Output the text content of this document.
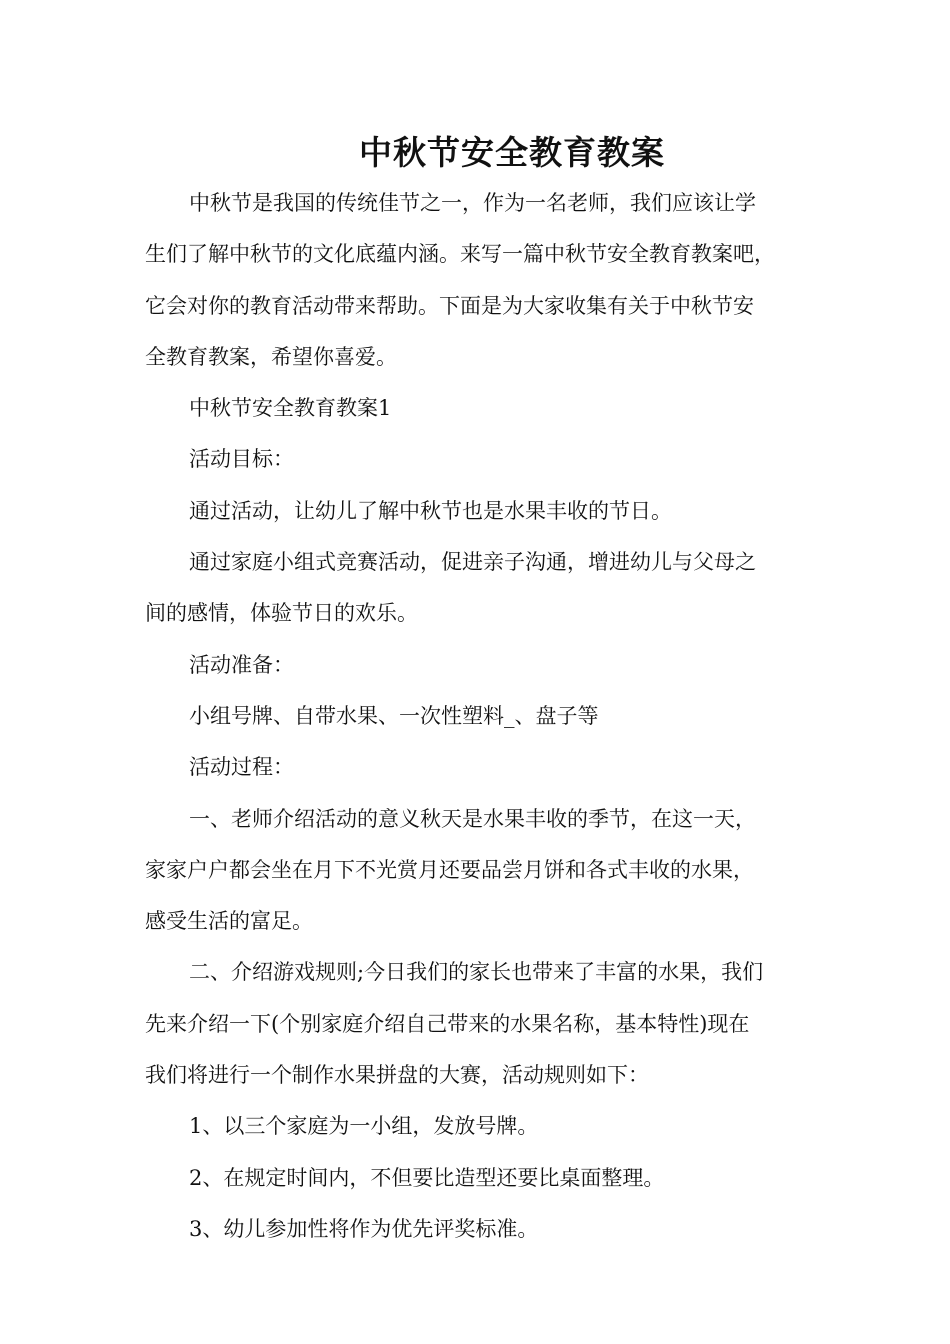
中秋节安全教育教案
中秋节是我国的传统佳节之一，作为一名老师，我们应该让学
生们了解中秋节的文化底蕴内涵。来写一篇中秋节安全教育教案吧，
它会对你的教育活动带来帮助。下面是为大家收集有关于中秋节安
全教育教案，希望你喜爱。
中秋节安全教育教案1
活动目标：
通过活动，让幼儿了解中秋节也是水果丰收的节日。
通过家庭小组式竞赛活动，促进亲子沟通，增进幼儿与父母之
间的感情，体验节日的欢乐。
活动准备：
小组号牌、自带水果、一次性塑料_、盘子等
活动过程：
一、老师介绍活动的意义秋天是水果丰收的季节，在这一天，
家家户户都会坐在月下不光赏月还要品尝月饼和各式丰收的水果，
感受生活的富足。
二、介绍游戏规则;今日我们的家长也带来了丰富的水果，我们
先来介绍一下(个别家庭介绍自己带来的水果名称，基本特性)现在
我们将进行一个制作水果拼盘的大赛，活动规则如下：
1、以三个家庭为一小组，发放号牌。
2、在规定时间内，不但要比造型还要比桌面整理。
3、幼儿参加性将作为优先评奖标准。
